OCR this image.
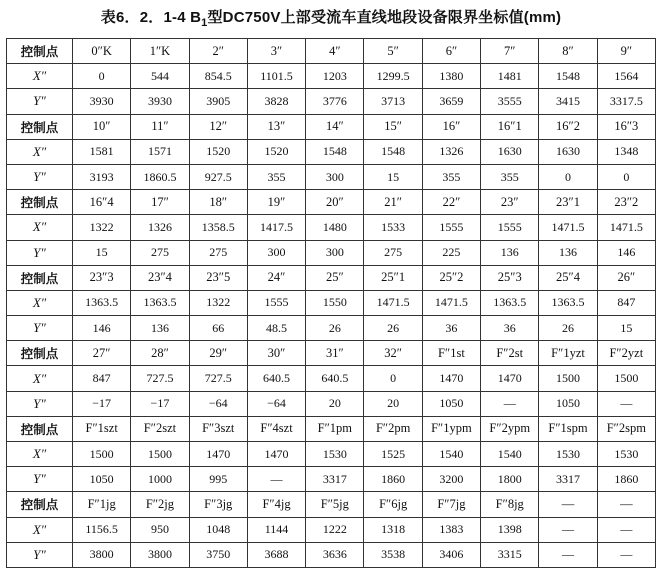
表6．2．1-4 $B_1$型DC750V上部受流车直线地段设备限界坐标值(mm)
控制点	0″K	1″K	2″	3″	4″	5″	6″	7″	8″	9″
X″	0	544	854.5	1101.5	1203	1299.5	1380	1481	1548	1564
Y″	3930	3930	3905	3828	3776	3713	3659	3555	3415	3317.5
控制点	10″	11″	12″	13″	14″	15″	16″	16″1	16″2	16″3
X″	1581	1571	1520	1520	1548	1548	1326	1630	1630	1348
Y″	3193	1860.5	927.5	355	300	15	355	355	0	0
控制点	16″4	17″	18″	19″	20″	21″	22″	23″	23″1	23″2
X″	1322	1326	1358.5	1417.5	1480	1533	1555	1555	1471.5	1471.5
Y″	15	275	275	300	300	275	225	136	136	146
控制点	23″3	23″4	23″5	24″	25″	25″1	25″2	25″3	25″4	26″
X″	1363.5	1363.5	1322	1555	1550	1471.5	1471.5	1363.5	1363.5	847
Y″	146	136	66	48.5	26	26	36	36	26	15
控制点	27″	28″	29″	30″	31″	32″	F″1st	F″2st	F″1yzt	F″2yzt
X″	847	727.5	727.5	640.5	640.5	0	1470	1470	1500	1500
Y″	−17	−17	−64	−64	20	20	1050	—	1050	—
控制点	F″1szt	F″2szt	F″3szt	F″4szt	F″1pm	F″2pm	F″1ypm	F″2ypm	F″1spm	F″2spm
X″	1500	1500	1470	1470	1530	1525	1540	1540	1530	1530
Y″	1050	1000	995	—	3317	1860	3200	1800	3317	1860
控制点	F″1jg	F″2jg	F″3jg	F″4jg	F″5jg	F″6jg	F″7jg	F″8jg	—	—
X″	1156.5	950	1048	1144	1222	1318	1383	1398	—	—
Y″	3800	3800	3750	3688	3636	3538	3406	3315	—	—
